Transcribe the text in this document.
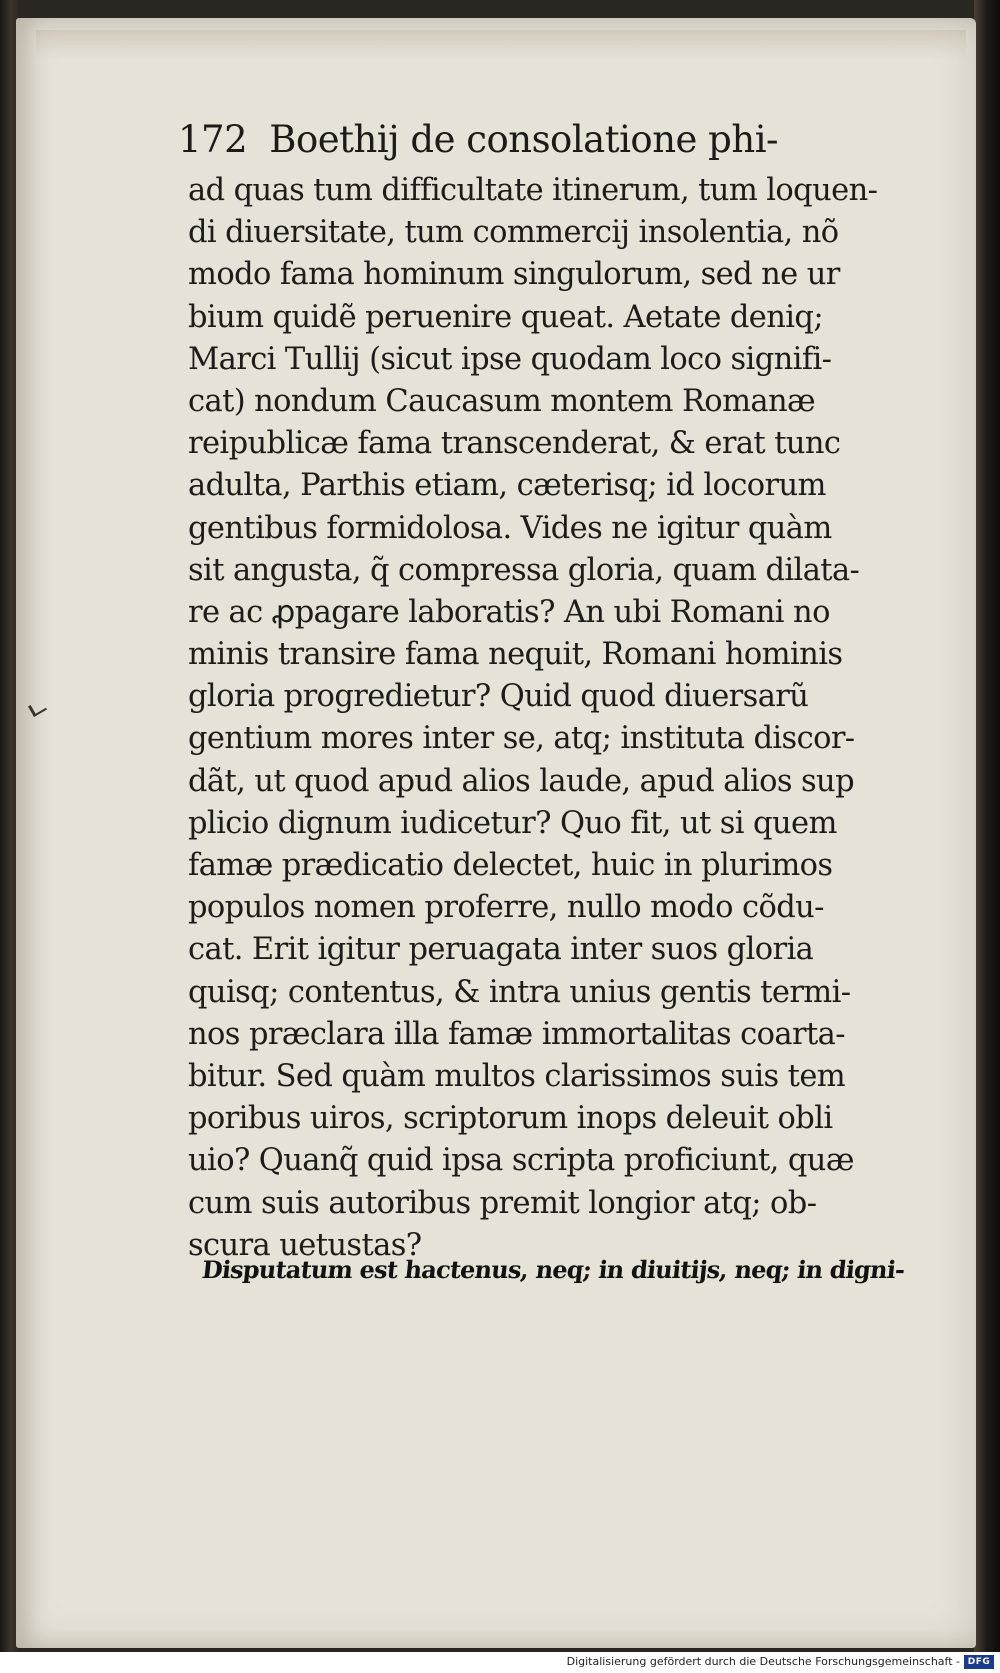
172 Boethij de consolatione phi-
ad quas tum difficultate itinerum, tum loquen-
di diuersitate, tum commercij insolentia, nõ
modo fama hominum singulorum, sed ne ur
bium quidẽ peruenire queat. Aetate deniq;
Marci Tullij (sicut ipse quodam loco signifi-
cat) nondum Caucasum montem Romanæ
reipublicæ fama transcenderat, & erat tunc
adulta, Parthis etiam, cæterisq; id locorum
gentibus formidolosa. Vides ne igitur quàm
sit angusta, q̃ compressa gloria, quam dilata-
re ac ꝓpagare laboratis? An ubi Romani no
minis transire fama nequit, Romani hominis
gloria progredietur? Quid quod diuersarũ
gentium mores inter se, atq; instituta discor-
dãt, ut quod apud alios laude, apud alios sup
plicio dignum iudicetur? Quo fit, ut si quem
famæ prædicatio delectet, huic in plurimos
populos nomen proferre, nullo modo cõdu-
cat. Erit igitur peruagata inter suos gloria
quisq; contentus, & intra unius gentis termi-
nos præclara illa famæ immortalitas coarta-
bitur. Sed quàm multos clarissimos suis tem
poribus uiros, scriptorum inops deleuit obli
uio? Quanq̃ quid ipsa scripta proficiunt, quæ
cum suis autoribus premit longior atq; ob-
scura uetustas?
Disputatum est hactenus, neq; in diuitijs, neq; in digni-
Digitalisierung gefördert durch die Deutsche Forschungsgemeinschaft - DFG
